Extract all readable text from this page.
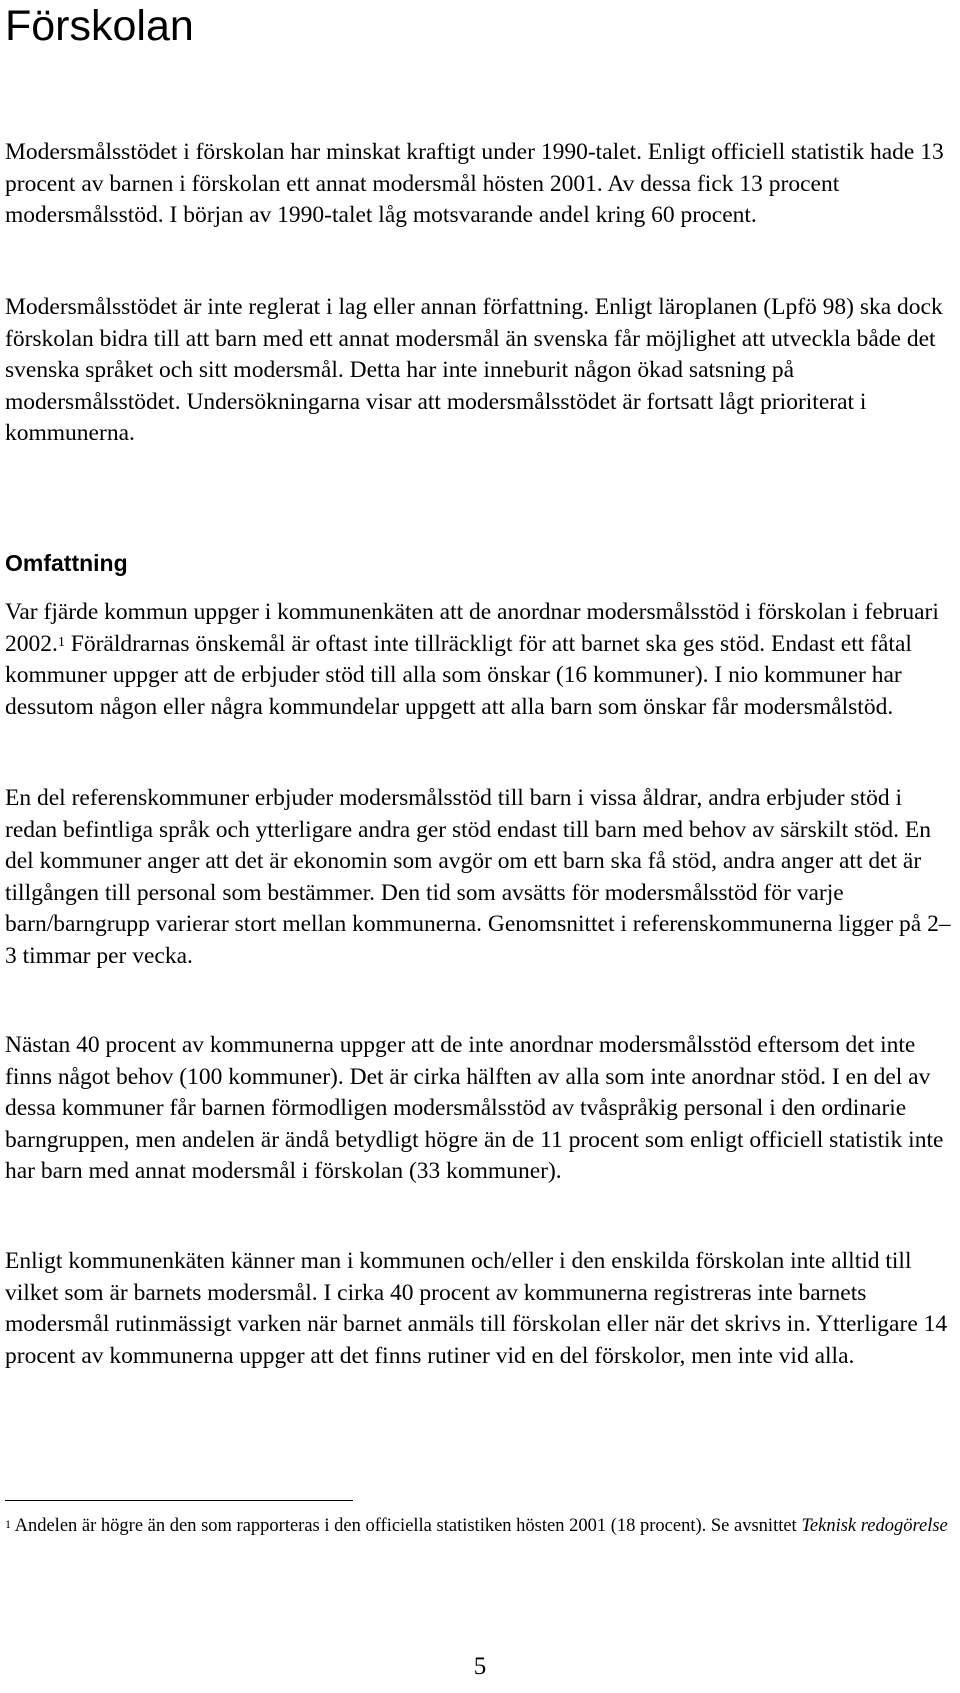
Förskolan

Modersmålsstödet i förskolan har minskat kraftigt under 1990-talet. Enligt officiell statistik hade 13 procent av barnen i förskolan ett annat modersmål hösten 2001. Av dessa fick 13 procent modersmålsstöd. I början av 1990-talet låg motsvarande andel kring 60 procent.

Modersmålsstödet är inte reglerat i lag eller annan författning. Enligt läroplanen (Lpfö 98) ska dock förskolan bidra till att barn med ett annat modersmål än svenska får möjlighet att utveckla både det svenska språket och sitt modersmål. Detta har inte inneburit någon ökad satsning på modersmålsstödet. Undersökningarna visar att modersmålsstödet är fortsatt lågt prioriterat i kommunerna.

Omfattning

Var fjärde kommun uppger i kommunenkäten att de anordnar modersmålsstöd i förskolan i februari 2002.$^1$ Föräldrarnas önskemål är oftast inte tillräckligt för att barnet ska ges stöd. Endast ett fåtal kommuner uppger att de erbjuder stöd till alla som önskar (16 kommuner). I nio kommuner har dessutom någon eller några kommundelar uppgett att alla barn som önskar får modersmålstöd.

En del referenskommuner erbjuder modersmålsstöd till barn i vissa åldrar, andra erbjuder stöd i redan befintliga språk och ytterligare andra ger stöd endast till barn med behov av särskilt stöd. En del kommuner anger att det är ekonomin som avgör om ett barn ska få stöd, andra anger att det är tillgången till personal som bestämmer. Den tid som avsätts för modersmålsstöd för varje barn/barngrupp varierar stort mellan kommunerna. Genomsnittet i referenskommunerna ligger på 2–3 timmar per vecka.

Nästan 40 procent av kommunerna uppger att de inte anordnar modersmålsstöd eftersom det inte finns något behov (100 kommuner). Det är cirka hälften av alla som inte anordnar stöd. I en del av dessa kommuner får barnen förmodligen modersmålsstöd av tvåspråkig personal i den ordinarie barngruppen, men andelen är ändå betydligt högre än de 11 procent som enligt officiell statistik inte har barn med annat modersmål i förskolan (33 kommuner).

Enligt kommunenkäten känner man i kommunen och/eller i den enskilda förskolan inte alltid till vilket som är barnets modersmål. I cirka 40 procent av kommunerna registreras inte barnets modersmål rutinmässigt varken när barnet anmäls till förskolan eller när det skrivs in. Ytterligare 14 procent av kommunerna uppger att det finns rutiner vid en del förskolor, men inte vid alla.

$^1$ Andelen är högre än den som rapporteras i den officiella statistiken hösten 2001 (18 procent). Se avsnittet Teknisk redogörelse

5
